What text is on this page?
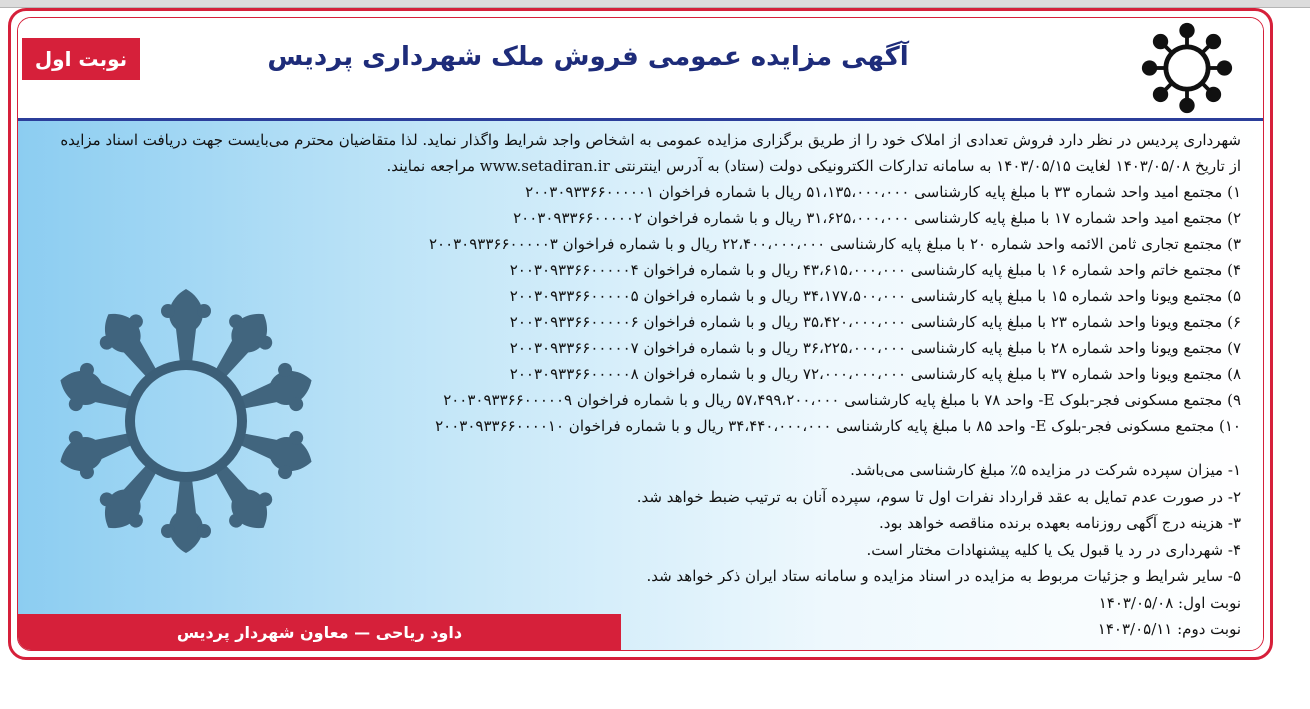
نوبت اول	آگهی مزایده عمومی فروش ملک شهرداری پردیس

شهرداری پردیس در نظر دارد فروش تعدادی از املاک خود را از طریق برگزاری مزایده عمومی به اشخاص واجد شرایط واگذار نماید. لذا متقاضیان محترم می‌بایست جهت دریافت اسناد مزایده از تاریخ ۱۴۰۳/۰۵/۰۸ لغایت ۱۴۰۳/۰۵/۱۵ به سامانه تدارکات الکترونیکی دولت (ستاد) به آدرس اینترنتی www.setadiran.ir مراجعه نمایند.

۱) مجتمع امید واحد شماره ۳۳ با مبلغ پایه کارشناسی ۵۱،۱۳۵،۰۰۰،۰۰۰ ریال با شماره فراخوان ۲۰۰۳۰۹۳۳۶۶۰۰۰۰۰۱
۲) مجتمع امید واحد شماره ۱۷ با مبلغ پایه کارشناسی ۳۱،۶۲۵،۰۰۰،۰۰۰ ریال و با شماره فراخوان ۲۰۰۳۰۹۳۳۶۶۰۰۰۰۰۲
۳) مجتمع تجاری ثامن الائمه واحد شماره ۲۰ با مبلغ پایه کارشناسی ۲۲،۴۰۰،۰۰۰،۰۰۰ ریال و با شماره فراخوان ۲۰۰۳۰۹۳۳۶۶۰۰۰۰۰۳
۴) مجتمع خاتم واحد شماره ۱۶ با مبلغ پایه کارشناسی ۴۳،۶۱۵،۰۰۰،۰۰۰ ریال و با شماره فراخوان ۲۰۰۳۰۹۳۳۶۶۰۰۰۰۰۴
۵) مجتمع ویونا واحد شماره ۱۵ با مبلغ پایه کارشناسی ۳۴،۱۷۷،۵۰۰،۰۰۰ ریال و با شماره فراخوان ۲۰۰۳۰۹۳۳۶۶۰۰۰۰۰۵
۶) مجتمع ویونا واحد شماره ۲۳ با مبلغ پایه کارشناسی ۳۵،۴۲۰،۰۰۰،۰۰۰ ریال و با شماره فراخوان ۲۰۰۳۰۹۳۳۶۶۰۰۰۰۰۶
۷) مجتمع ویونا واحد شماره ۲۸ با مبلغ پایه کارشناسی ۳۶،۲۲۵،۰۰۰،۰۰۰ ریال و با شماره فراخوان ۲۰۰۳۰۹۳۳۶۶۰۰۰۰۰۷
۸) مجتمع ویونا واحد شماره ۳۷ با مبلغ پایه کارشناسی ۷۲،۰۰۰،۰۰۰،۰۰۰ ریال و با شماره فراخوان ۲۰۰۳۰۹۳۳۶۶۰۰۰۰۰۸
۹) مجتمع مسکونی فجر-بلوک E- واحد ۷۸ با مبلغ پایه کارشناسی ۵۷،۴۹۹،۲۰۰،۰۰۰ ریال و با شماره فراخوان ۲۰۰۳۰۹۳۳۶۶۰۰۰۰۰۹
۱۰) مجتمع مسکونی فجر-بلوک E- واحد ۸۵ با مبلغ پایه کارشناسی ۳۴،۴۴۰،۰۰۰،۰۰۰ ریال و با شماره فراخوان ۲۰۰۳۰۹۳۳۶۶۰۰۰۰۱۰
۱- میزان سپرده شرکت در مزایده ۵٪ مبلغ کارشناسی می‌باشد.
۲- در صورت عدم تمایل به عقد قرارداد نفرات اول تا سوم، سپرده آنان به ترتیب ضبط خواهد شد.
۳- هزینه درج آگهی روزنامه بعهده برنده مناقصه خواهد بود.
۴- شهرداری در رد یا قبول یک یا کلیه پیشنهادات مختار است.
۵- سایر شرایط و جزئیات مربوط به مزایده در اسناد مزایده و سامانه ستاد ایران ذکر خواهد شد.
نوبت اول: ۱۴۰۳/۰۵/۰۸
نوبت دوم: ۱۴۰۳/۰۵/۱۱
داود ریاحی — معاون شهردار پردیس
